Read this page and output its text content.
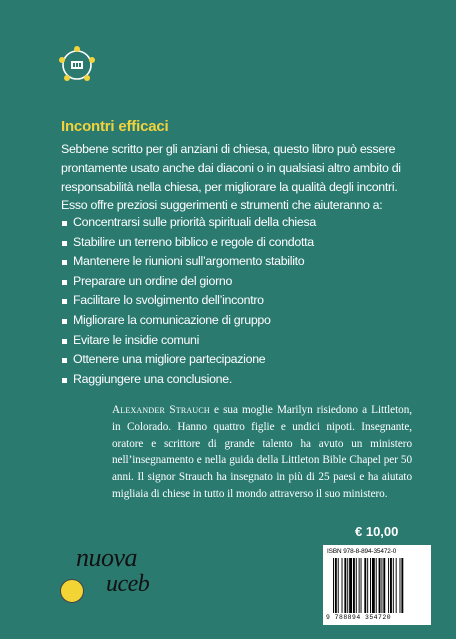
Incontri efficaci
Sebbene scritto per gli anziani di chiesa, questo libro può essere prontamente usato anche dai diaconi o in qualsiasi altro ambito di responsabilità nella chiesa, per migliorare la qualità degli incontri.
Esso offre preziosi suggerimenti e strumenti che aiuteranno a:
Concentrarsi sulle priorità spirituali della chiesa
Stabilire un terreno biblico e regole di condotta
Mantenere le riunioni sull’argomento stabilito
Preparare un ordine del giorno
Facilitare lo svolgimento dell’incontro
Migliorare la comunicazione di gruppo
Evitare le insidie comuni
Ottenere una migliore partecipazione
Raggiungere una conclusione.
Alexander Strauch e sua moglie Marilyn risiedono a Littleton, in Colorado. Hanno quattro figlie e undici nipoti. Insegnante, oratore e scrittore di grande talento ha avuto un ministero nell’insegnamento e nella guida della Littleton Bible Chapel per 50 anni. Il signor Strauch ha insegnato in più di 25 paesi e ha aiutato migliaia di chiese in tutto il mondo attraverso il suo ministero.
€ 10,00
nuova
uceb
ISBN 978-8-894-35472-0
9 788894 354720
